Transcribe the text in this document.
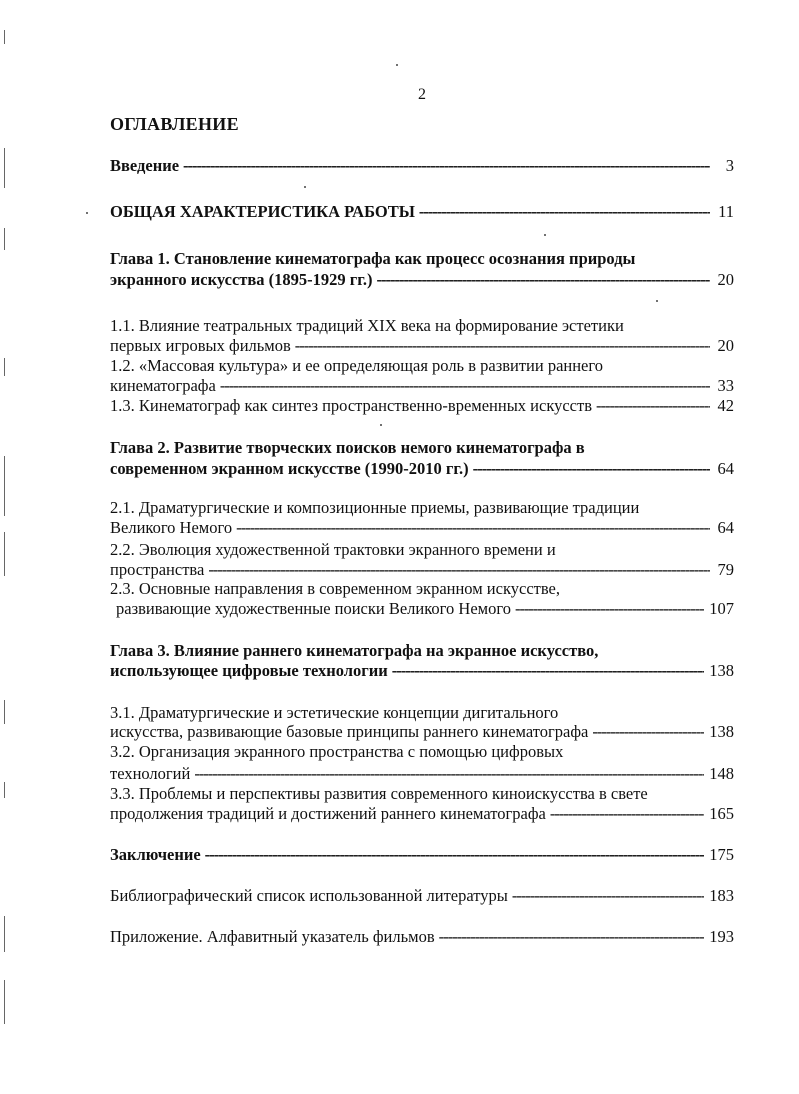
2
ОГЛАВЛЕНИЕ
Введение -----	3
ОБЩАЯ ХАРАКТЕРИСТИКА РАБОТЫ -----	11
Глава 1. Становление кинематографа как процесс осознания природы
экранного искусства (1895-1929 гг.) -----	20
1.1. Влияние театральных традиций XIX века на формирование эстетики
первых игровых фильмов -----	20
1.2. «Массовая культура» и ее определяющая роль в развитии раннего
кинематографа -----	33
1.3. Кинематограф как синтез пространственно-временных искусств -----	42
Глава 2. Развитие творческих поисков немого кинематографа в
современном экранном искусстве (1990-2010 гг.) -----	64
2.1. Драматургические и композиционные приемы, развивающие традиции
Великого Немого -----	64
2.2. Эволюция художественной трактовки экранного времени и
пространства -----	79
2.3. Основные направления в современном экранном искусстве,
развивающие художественные поиски Великого Немого -----	107
Глава 3. Влияние раннего кинематографа на экранное искусство,
использующее цифровые технологии -----	138
3.1. Драматургические и эстетические концепции дигитального
искусства, развивающие базовые принципы раннего кинематографа -----	138
3.2. Организация экранного пространства с помощью цифровых
технологий -----	148
3.3. Проблемы и перспективы развития современного киноискусства в свете
продолжения традиций и достижений раннего кинематографа -----	165
Заключение -----	175
Библиографический список использованной литературы -----	183
Приложение. Алфавитный указатель фильмов -----	193
